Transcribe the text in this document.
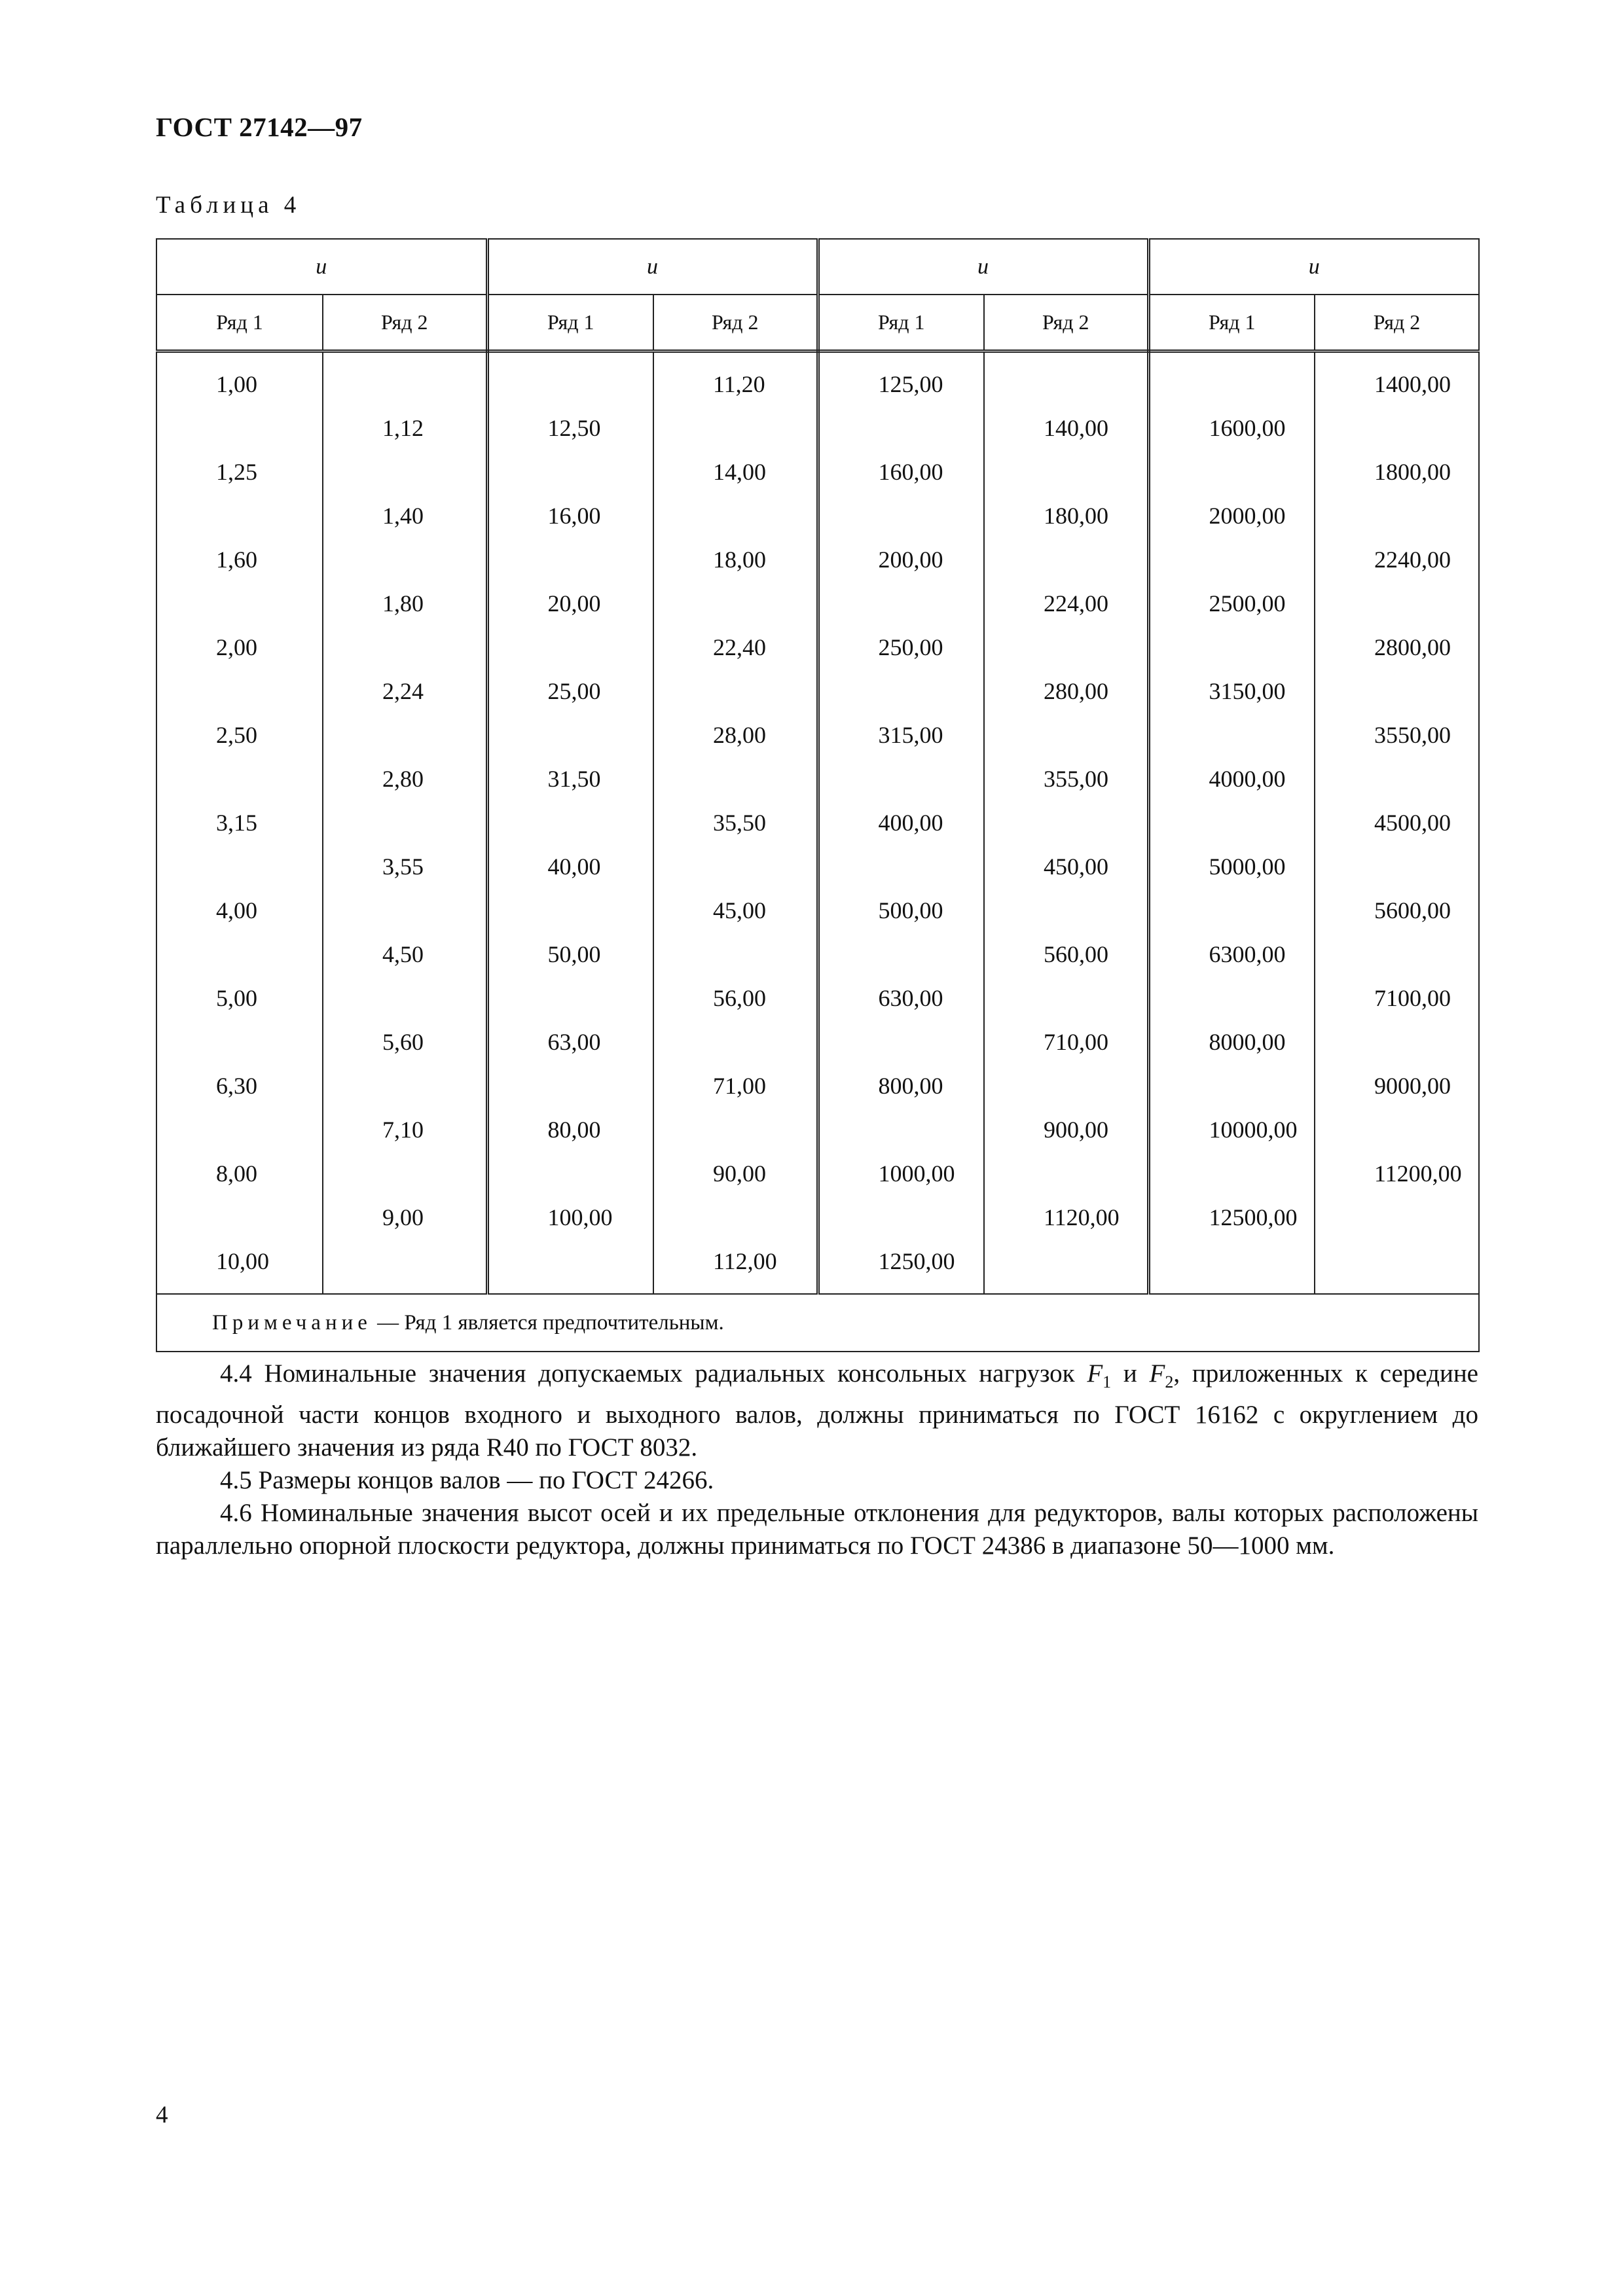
ГОСТ 27142—97
Таблица 4
u		u		u		u	
Ряд 1	Ряд 2	Ряд 1	Ряд 2	Ряд 1	Ряд 2	Ряд 1	Ряд 2
1,00			11,20	125,00			1400,00
	1,12	12,50			140,00	1600,00	
1,25			14,00	160,00			1800,00
	1,40	16,00			180,00	2000,00	
1,60			18,00	200,00			2240,00
	1,80	20,00			224,00	2500,00	
2,00			22,40	250,00			2800,00
	2,24	25,00			280,00	3150,00	
2,50			28,00	315,00			3550,00
	2,80	31,50			355,00	4000,00	
3,15			35,50	400,00			4500,00
	3,55	40,00			450,00	5000,00	
4,00			45,00	500,00			5600,00
	4,50	50,00			560,00	6300,00	
5,00			56,00	630,00			7100,00
	5,60	63,00			710,00	8000,00	
6,30			71,00	800,00			9000,00
	7,10	80,00			900,00	10000,00	
8,00			90,00	1000,00			11200,00
	9,00	100,00			1120,00	12500,00	
10,00			112,00	1250,00			
Примечание — Ряд 1 является предпочтительным.							

4.4 Номинальные значения допускаемых радиальных консольных нагрузок $F_1$ и $F_2$, приложенных к середине посадочной части концов входного и выходного валов, должны приниматься по ГОСТ 16162 с округлением до ближайшего значения из ряда R40 по ГОСТ 8032.

4.5 Размеры концов валов — по ГОСТ 24266.

4.6 Номинальные значения высот осей и их предельные отклонения для редукторов, валы которых расположены параллельно опорной плоскости редуктора, должны приниматься по ГОСТ 24386 в диапазоне 50—1000 мм.

4
